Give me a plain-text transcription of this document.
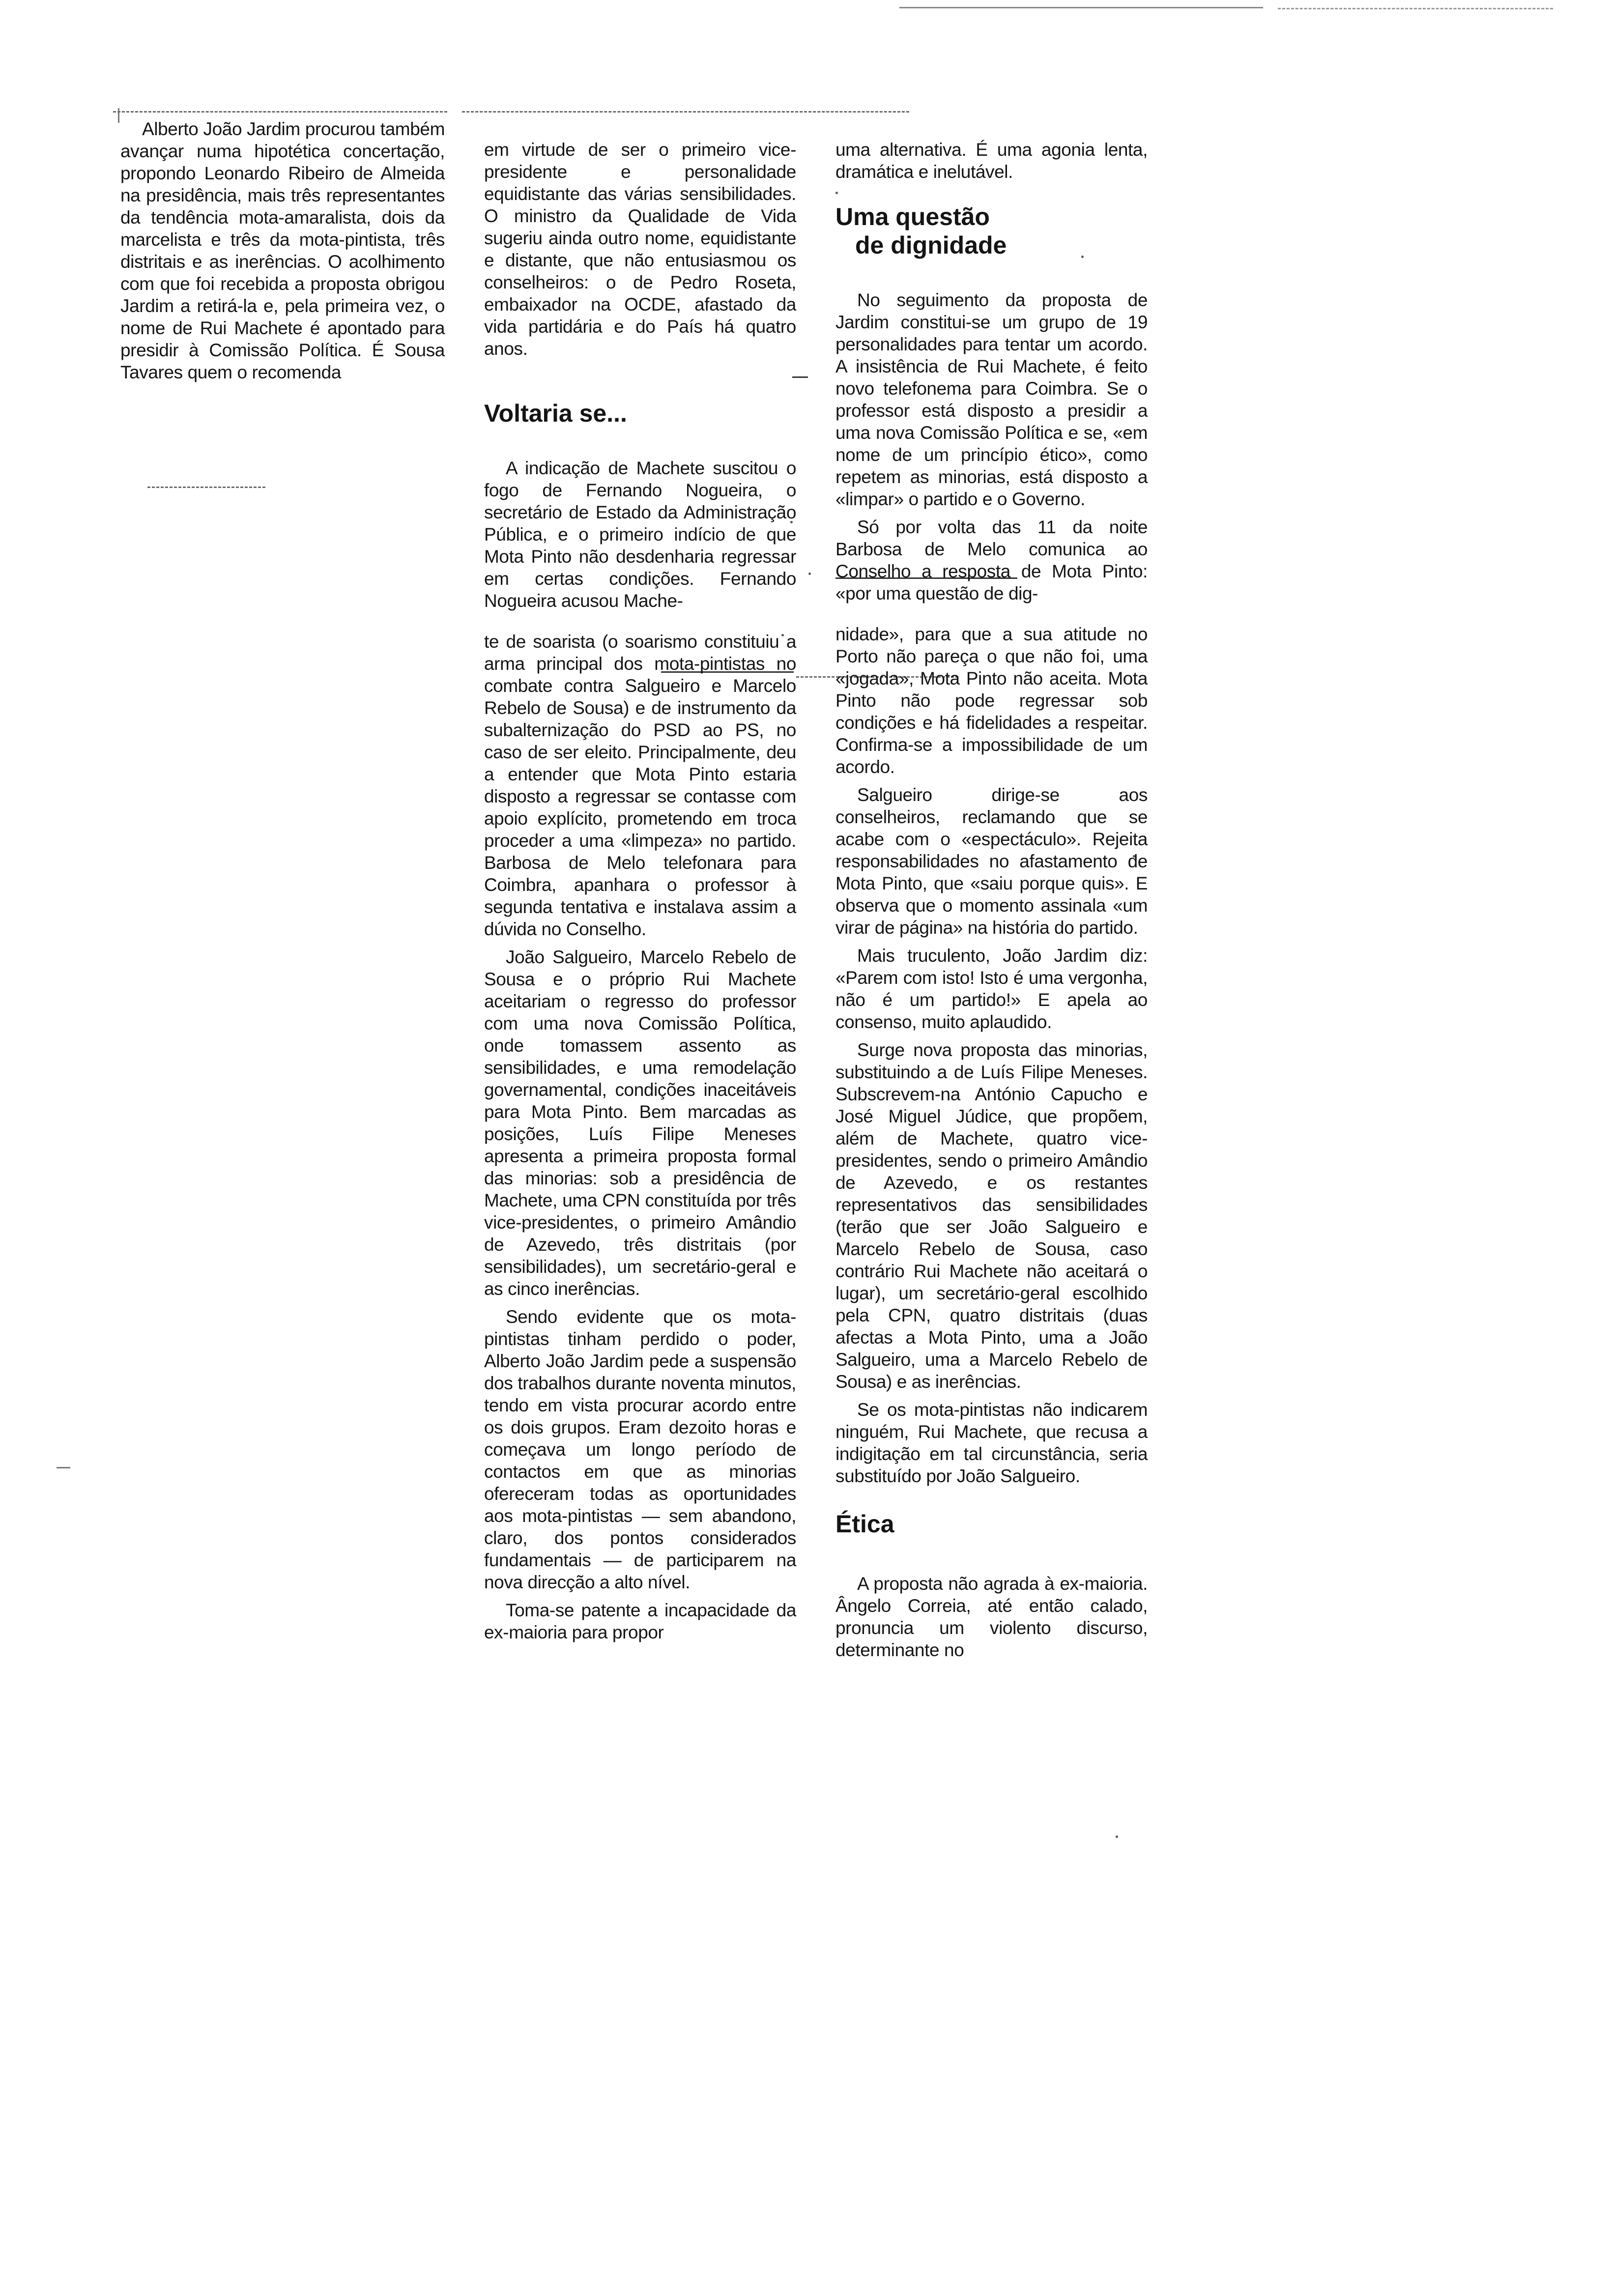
Alberto João Jardim procurou também avançar numa hipotética concertação, propondo Leonardo Ribeiro de Almeida na presidência, mais três representantes da tendência mota-amaralista, dois da marcelista e três da mota-pintista, três distritais e as inerências. O acolhimento com que foi recebida a proposta obrigou Jardim a retirá-la e, pela primeira vez, o nome de Rui Machete é apontado para presidir à Comissão Política. É Sousa Tavares quem o recomenda

em virtude de ser o primeiro vice-presidente e personalidade equidistante das várias sensibilidades. O ministro da Qualidade de Vida sugeriu ainda outro nome, equidistante e distante, que não entusiasmou os conselheiros: o de Pedro Roseta, embaixador na OCDE, afastado da vida partidária e do País há quatro anos.

Voltaria se...

A indicação de Machete suscitou o fogo de Fernando Nogueira, o secretário de Estado da Administração Pública, e o primeiro indício de que Mota Pinto não desdenharia regressar em certas condições. Fernando Nogueira acusou Mache-

te de soarista (o soarismo constituiu a arma principal dos mota-pintistas no combate contra Salgueiro e Marcelo Rebelo de Sousa) e de instrumento da subalternização do PSD ao PS, no caso de ser eleito. Principalmente, deu a entender que Mota Pinto estaria disposto a regressar se contasse com apoio explícito, prometendo em troca proceder a uma «limpeza» no partido. Barbosa de Melo telefonara para Coimbra, apanhara o professor à segunda tentativa e instalava assim a dúvida no Conselho.

João Salgueiro, Marcelo Rebelo de Sousa e o próprio Rui Machete aceitariam o regresso do professor com uma nova Comissão Política, onde tomassem assento as sensibilidades, e uma remodelação governamental, condições inaceitáveis para Mota Pinto. Bem marcadas as posições, Luís Filipe Meneses apresenta a primeira proposta formal das minorias: sob a presidência de Machete, uma CPN constituída por três vice-presidentes, o primeiro Amândio de Azevedo, três distritais (por sensibilidades), um secretário-geral e as cinco inerências.

Sendo evidente que os mota-pintistas tinham perdido o poder, Alberto João Jardim pede a suspensão dos trabalhos durante noventa minutos, tendo em vista procurar acordo entre os dois grupos. Eram dezoito horas e começava um longo período de contactos em que as minorias ofereceram todas as oportunidades aos mota-pintistas — sem abandono, claro, dos pontos considerados fundamentais — de participarem na nova direcção a alto nível.

Toma-se patente a incapacidade da ex-maioria para propor

uma alternativa. É uma agonia lenta, dramática e inelutável.

Uma questão
de dignidade

No seguimento da proposta de Jardim constitui-se um grupo de 19 personalidades para tentar um acordo. A insistência de Rui Machete, é feito novo telefonema para Coimbra. Se o professor está disposto a presidir a uma nova Comissão Política e se, «em nome de um princípio ético», como repetem as minorias, está disposto a «limpar» o partido e o Governo.

Só por volta das 11 da noite Barbosa de Melo comunica ao Conselho a resposta de Mota Pinto: «por uma questão de dig-

nidade», para que a sua atitude no Porto não pareça o que não foi, uma «jogada», Mota Pinto não aceita. Mota Pinto não pode regressar sob condições e há fidelidades a respeitar. Confirma-se a impossibilidade de um acordo.

Salgueiro dirige-se aos conselheiros, reclamando que se acabe com o «espectáculo». Rejeita responsabilidades no afastamento de Mota Pinto, que «saiu porque quis». E observa que o momento assinala «um virar de página» na história do partido.

Mais truculento, João Jardim diz: «Parem com isto! Isto é uma vergonha, não é um partido!» E apela ao consenso, muito aplaudido.

Surge nova proposta das minorias, substituindo a de Luís Filipe Meneses. Subscrevem-na António Capucho e José Miguel Júdice, que propõem, além de Machete, quatro vice-presidentes, sendo o primeiro Amândio de Azevedo, e os restantes representativos das sensibilidades (terão que ser João Salgueiro e Marcelo Rebelo de Sousa, caso contrário Rui Machete não aceitará o lugar), um secretário-geral escolhido pela CPN, quatro distritais (duas afectas a Mota Pinto, uma a João Salgueiro, uma a Marcelo Rebelo de Sousa) e as inerências.

Se os mota-pintistas não indicarem ninguém, Rui Machete, que recusa a indigitação em tal circunstância, seria substituído por João Salgueiro.

Ética

A proposta não agrada à ex-maioria. Ângelo Correia, até então calado, pronuncia um violento discurso, determinante no
